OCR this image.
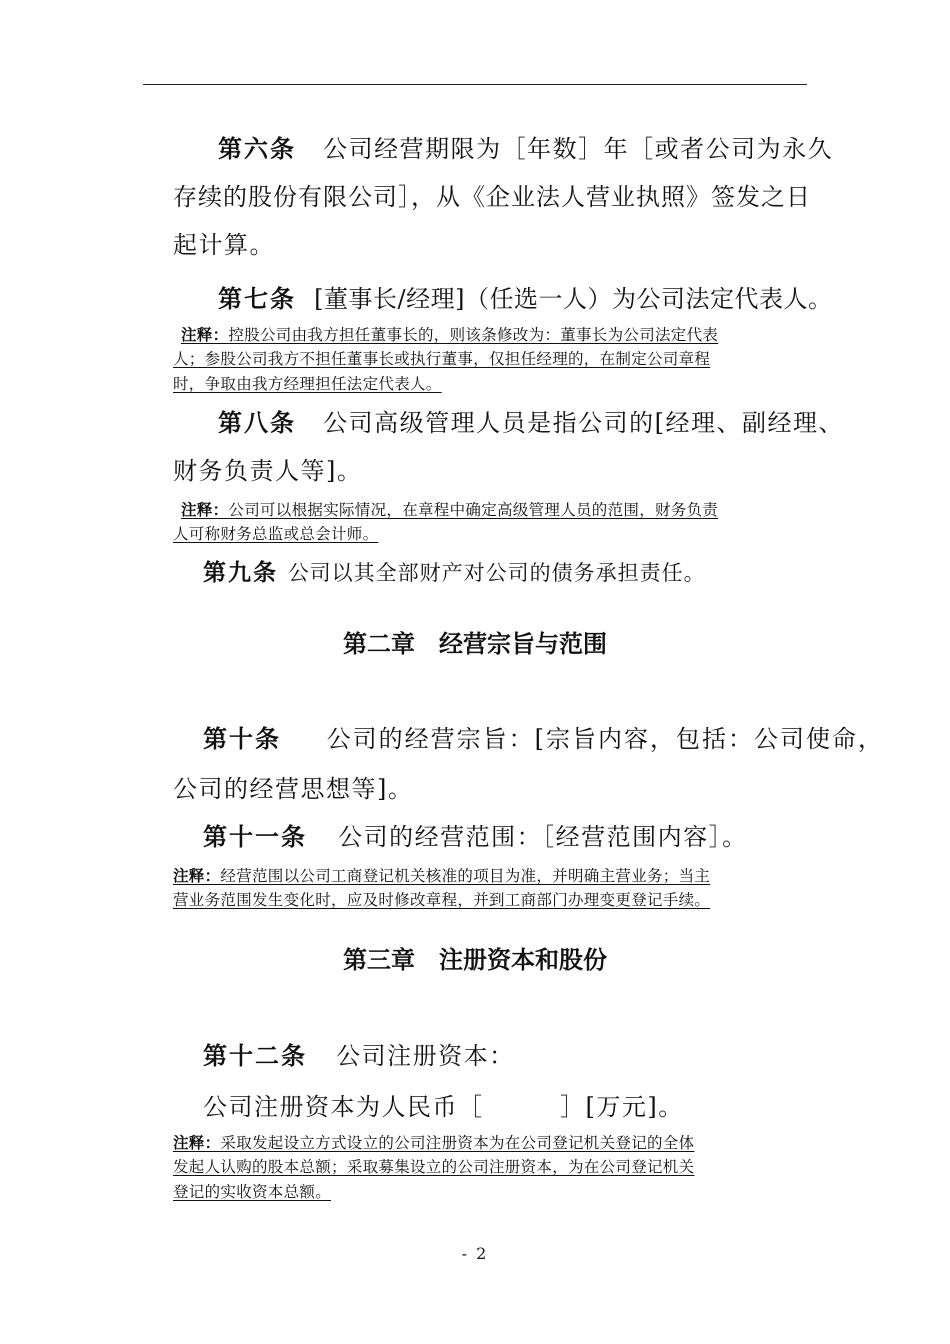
第六条 公司经营期限为［年数］年［或者公司为永久
存续的股份有限公司］，从《企业法人营业执照》签发之日
起计算。
第七条 [董事长/经理]（任选一人）为公司法定代表人。
注释：控股公司由我方担任董事长的，则该条修改为：董事长为公司法定代表
人；参股公司我方不担任董事长或执行董事，仅担任经理的，在制定公司章程
时，争取由我方经理担任法定代表人。
第八条 公司高级管理人员是指公司的[经理、副经理、
财务负责人等]。
注释：公司可以根据实际情况，在章程中确定高级管理人员的范围，财务负责
人可称财务总监或总会计师。
第九条 公司以其全部财产对公司的债务承担责任。
第二章　经营宗旨与范围
第十条 公司的经营宗旨：[宗旨内容，包括：公司使命，
公司的经营思想等]。
第十一条 公司的经营范围：［经营范围内容］。
注释：经营范围以公司工商登记机关核准的项目为准，并明确主营业务；当主
营业务范围发生变化时，应及时修改章程，并到工商部门办理变更登记手续。
第三章　注册资本和股份
第十二条 公司注册资本：
公司注册资本为人民币［　　　］[万元]。
注释：采取发起设立方式设立的公司注册资本为在公司登记机关登记的全体
发起人认购的股本总额；采取募集设立的公司注册资本，为在公司登记机关
登记的实收资本总额。
- 2
